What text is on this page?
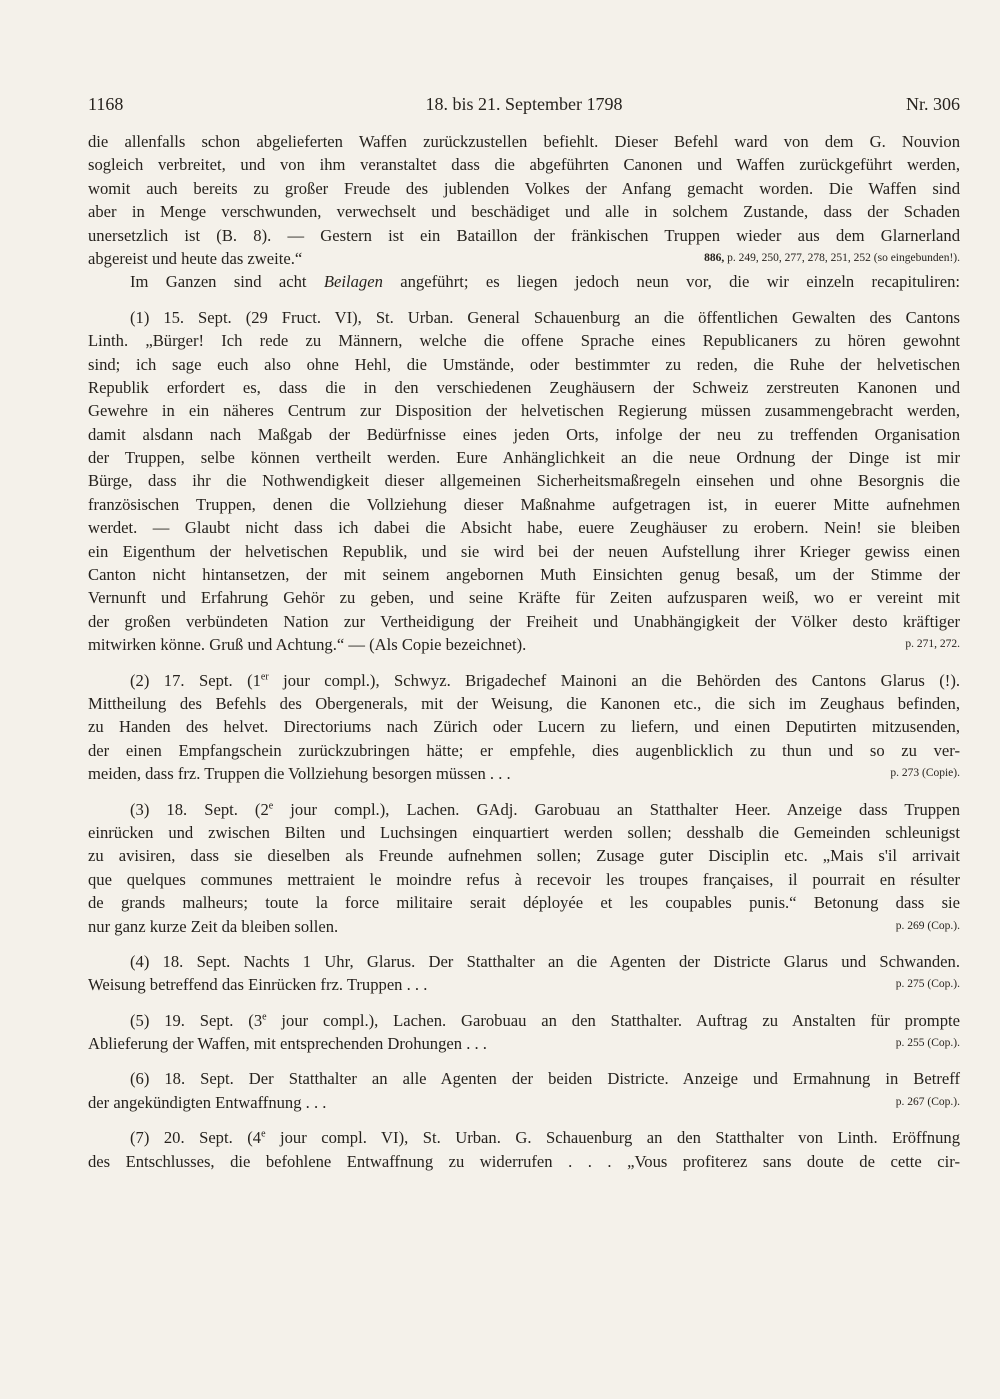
1168	18. bis 21. September 1798	Nr. 306
die allenfalls schon abgelieferten Waffen zurückzustellen befiehlt. Dieser Befehl ward von dem G. Nouvion
sogleich verbreitet, und von ihm veranstaltet dass die abgeführten Canonen und Waffen zurückgeführt werden,
womit auch bereits zu großer Freude des jublenden Volkes der Anfang gemacht worden. Die Waffen sind
aber in Menge verschwunden, verwechselt und beschädiget und alle in solchem Zustande, dass der Schaden
unersetzlich ist (B. 8). — Gestern ist ein Bataillon der fränkischen Truppen wieder aus dem Glarnerland
abgereist und heute das zweite.“	886, p. 249, 250, 277, 278, 251, 252 (so eingebunden!).
Im Ganzen sind acht Beilagen angeführt; es liegen jedoch neun vor, die wir einzeln recapituliren:
(1) 15. Sept. (29 Fruct. VI), St. Urban. General Schauenburg an die öffentlichen Gewalten des Cantons
Linth. „Bürger! Ich rede zu Männern, welche die offene Sprache eines Republicaners zu hören gewohnt
sind; ich sage euch also ohne Hehl, die Umstände, oder bestimmter zu reden, die Ruhe der helvetischen
Republik erfordert es, dass die in den verschiedenen Zeughäusern der Schweiz zerstreuten Kanonen und
Gewehre in ein näheres Centrum zur Disposition der helvetischen Regierung müssen zusammengebracht werden,
damit alsdann nach Maßgab der Bedürfnisse eines jeden Orts, infolge der neu zu treffenden Organisation
der Truppen, selbe können vertheilt werden. Eure Anhänglichkeit an die neue Ordnung der Dinge ist mir
Bürge, dass ihr die Nothwendigkeit dieser allgemeinen Sicherheitsmaßregeln einsehen und ohne Besorgnis die
französischen Truppen, denen die Vollziehung dieser Maßnahme aufgetragen ist, in euerer Mitte aufnehmen
werdet. — Glaubt nicht dass ich dabei die Absicht habe, euere Zeughäuser zu erobern. Nein! sie bleiben
ein Eigenthum der helvetischen Republik, und sie wird bei der neuen Aufstellung ihrer Krieger gewiss einen
Canton nicht hintansetzen, der mit seinem angebornen Muth Einsichten genug besaß, um der Stimme der
Vernunft und Erfahrung Gehör zu geben, und seine Kräfte für Zeiten aufzusparen weiß, wo er vereint mit
der großen verbündeten Nation zur Vertheidigung der Freiheit und Unabhängigkeit der Völker desto kräftiger
mitwirken könne. Gruß und Achtung.“ — (Als Copie bezeichnet).	p. 271, 272.
(2) 17. Sept. (1er jour compl.), Schwyz. Brigadechef Mainoni an die Behörden des Cantons Glarus (!).
Mittheilung des Befehls des Obergenerals, mit der Weisung, die Kanonen etc., die sich im Zeughaus befinden,
zu Handen des helvet. Directoriums nach Zürich oder Lucern zu liefern, und einen Deputirten mitzusenden,
der einen Empfangschein zurückzubringen hätte; er empfehle, dies augenblicklich zu thun und so zu ver-
meiden, dass frz. Truppen die Vollziehung besorgen müssen . . .	p. 273 (Copie).
(3) 18. Sept. (2e jour compl.), Lachen. GAdj. Garobuau an Statthalter Heer. Anzeige dass Truppen
einrücken und zwischen Bilten und Luchsingen einquartiert werden sollen; desshalb die Gemeinden schleunigst
zu avisiren, dass sie dieselben als Freunde aufnehmen sollen; Zusage guter Disciplin etc. „Mais s'il arrivait
que quelques communes mettraient le moindre refus à recevoir les troupes françaises, il pourrait en résulter
de grands malheurs; toute la force militaire serait déployée et les coupables punis.“ Betonung dass sie
nur ganz kurze Zeit da bleiben sollen.	p. 269 (Cop.).
(4) 18. Sept. Nachts 1 Uhr, Glarus. Der Statthalter an die Agenten der Districte Glarus und Schwanden.
Weisung betreffend das Einrücken frz. Truppen . . .	p. 275 (Cop.).
(5) 19. Sept. (3e jour compl.), Lachen. Garobuau an den Statthalter. Auftrag zu Anstalten für prompte
Ablieferung der Waffen, mit entsprechenden Drohungen . . .	p. 255 (Cop.).
(6) 18. Sept. Der Statthalter an alle Agenten der beiden Districte. Anzeige und Ermahnung in Betreff
der angekündigten Entwaffnung . . .	p. 267 (Cop.).
(7) 20. Sept. (4e jour compl. VI), St. Urban. G. Schauenburg an den Statthalter von Linth. Eröffnung
des Entschlusses, die befohlene Entwaffnung zu widerrufen . . . „Vous profiterez sans doute de cette cir-
